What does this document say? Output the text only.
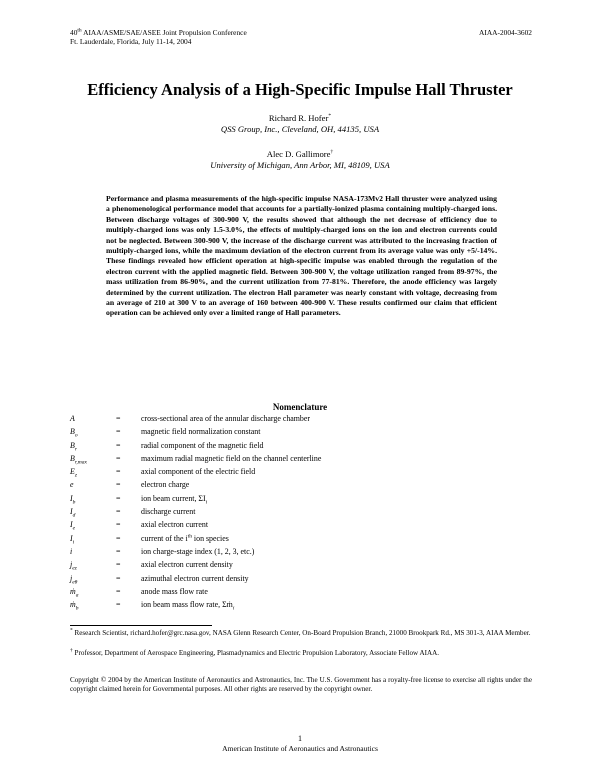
40th AIAA/ASME/SAE/ASEE Joint Propulsion Conference
Ft. Lauderdale, Florida, July 11-14, 2004
AIAA-2004-3602
Efficiency Analysis of a High-Specific Impulse Hall Thruster
Richard R. Hofer*
QSS Group, Inc., Cleveland, OH, 44135, USA
Alec D. Gallimore†
University of Michigan, Ann Arbor, MI, 48109, USA
Performance and plasma measurements of the high-specific impulse NASA-173Mv2 Hall thruster were analyzed using a phenomenological performance model that accounts for a partially-ionized plasma containing multiply-charged ions. Between discharge voltages of 300-900 V, the results showed that although the net decrease of efficiency due to multiply-charged ions was only 1.5-3.0%, the effects of multiply-charged ions on the ion and electron currents could not be neglected. Between 300-900 V, the increase of the discharge current was attributed to the increasing fraction of multiply-charged ions, while the maximum deviation of the electron current from its average value was only +5/-14%. These findings revealed how efficient operation at high-specific impulse was enabled through the regulation of the electron current with the applied magnetic field. Between 300-900 V, the voltage utilization ranged from 89-97%, the mass utilization from 86-90%, and the current utilization from 77-81%. Therefore, the anode efficiency was largely determined by the current utilization. The electron Hall parameter was nearly constant with voltage, decreasing from an average of 210 at 300 V to an average of 160 between 400-900 V. These results confirmed our claim that efficient operation can be achieved only over a limited range of Hall parameters.
Nomenclature
A	=	cross-sectional area of the annular discharge chamber
$B_o$	=	magnetic field normalization constant
$B_r$	=	radial component of the magnetic field
$B_{r,max}$	=	maximum radial magnetic field on the channel centerline
$E_z$	=	axial component of the electric field
e	=	electron charge
$I_b$	=	ion beam current, $\Sigma I_i$
$I_d$	=	discharge current
$I_e$	=	axial electron current
$I_i$	=	current of the $i^{th}$ ion species
i	=	ion charge-stage index (1, 2, 3, etc.)
$j_{ez}$	=	axial electron current density
$j_{e\theta}$	=	azimuthal electron current density
ṁ$_a$	=	anode mass flow rate
ṁ$_b$	=	ion beam mass flow rate, Σṁ$_i$
* Research Scientist, richard.hofer@grc.nasa.gov, NASA Glenn Research Center, On-Board Propulsion Branch, 21000 Brookpark Rd., MS 301-3, AIAA Member.
† Professor, Department of Aerospace Engineering, Plasmadynamics and Electric Propulsion Laboratory, Associate Fellow AIAA.
Copyright © 2004 by the American Institute of Aeronautics and Astronautics, Inc. The U.S. Government has a royalty-free license to exercise all rights under the copyright claimed herein for Governmental purposes. All other rights are reserved by the copyright owner.
1
American Institute of Aeronautics and Astronautics
